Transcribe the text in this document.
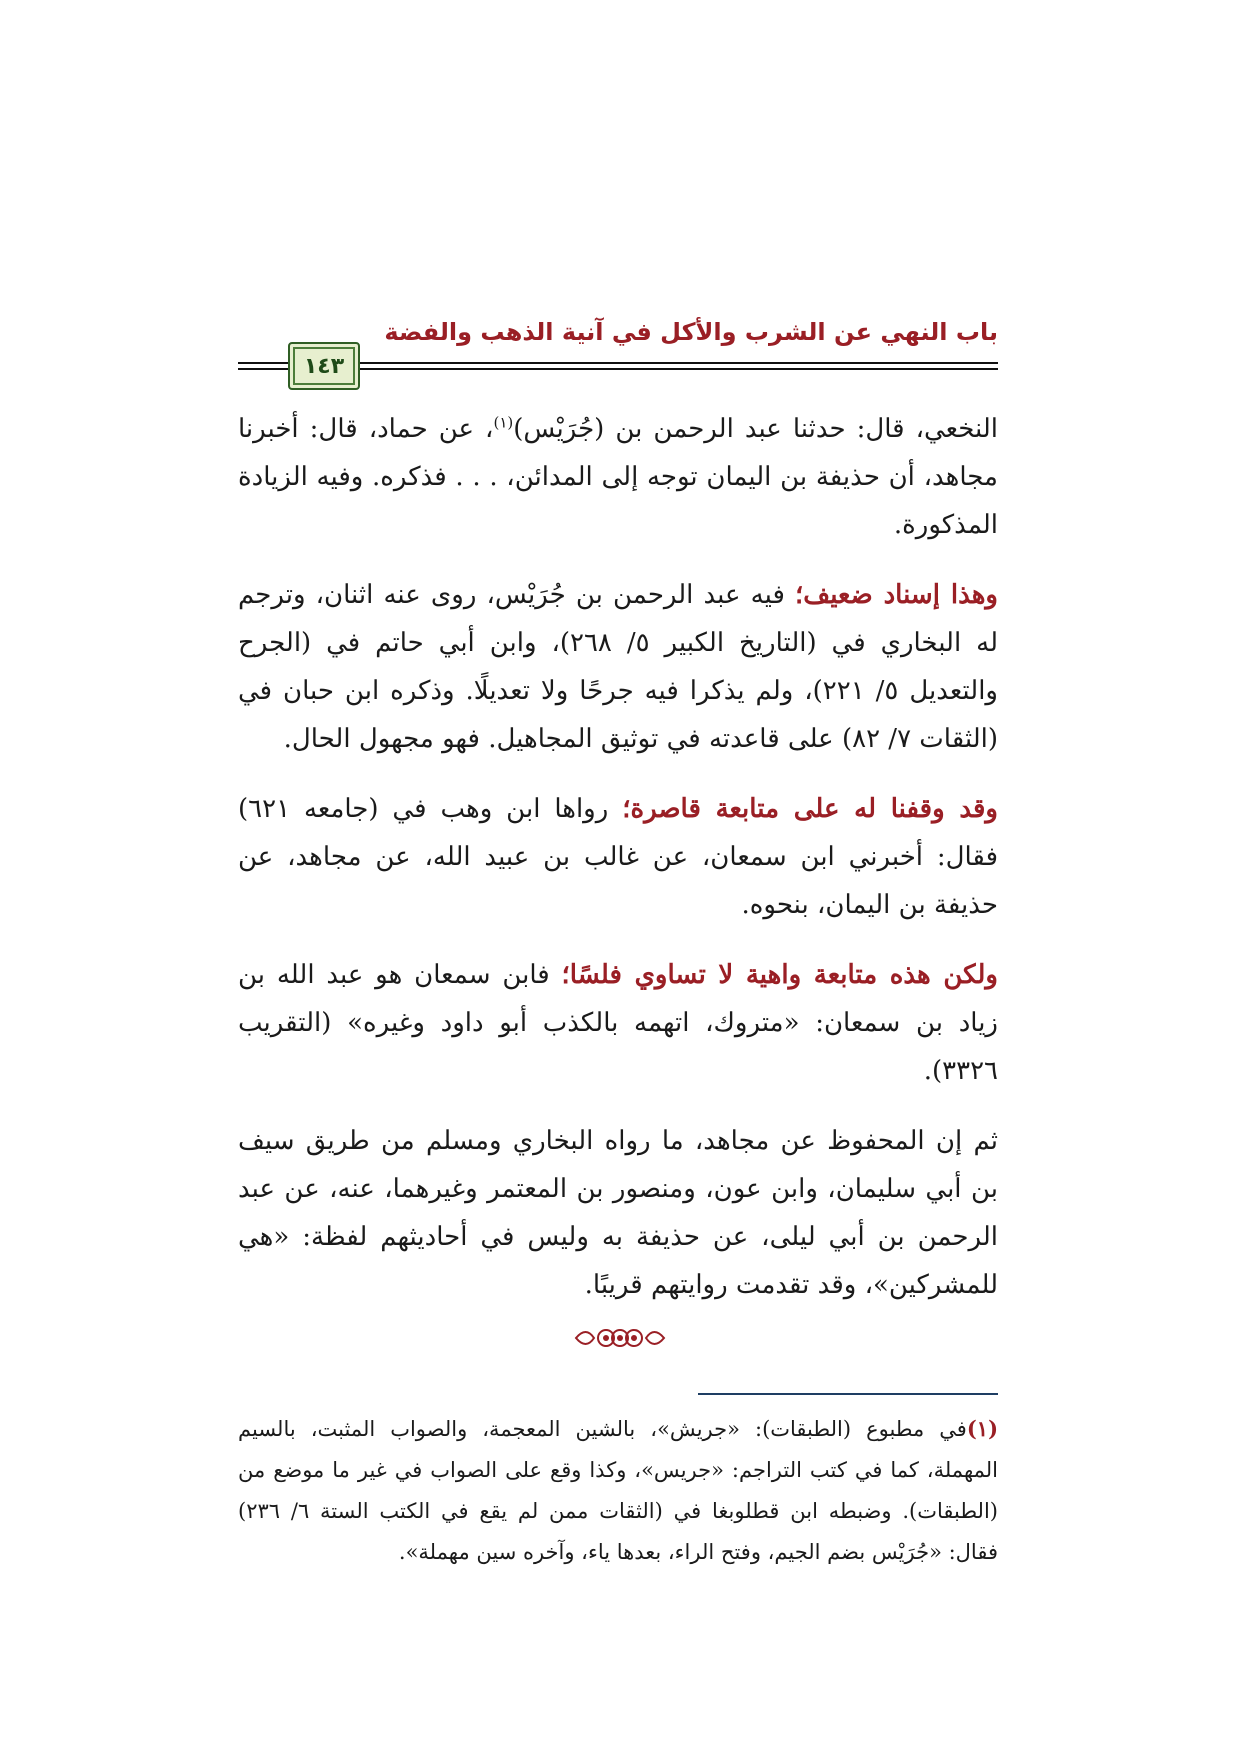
باب النهي عن الشرب والأكل في آنية الذهب والفضة
١٤٣

النخعي، قال: حدثنا عبد الرحمن بن (جُرَيْس)$^{(١)}$، عن حماد، قال: أخبرنا مجاهد، أن حذيفة بن اليمان توجه إلى المدائن، . . . فذكره. وفيه الزيادة المذكورة.

وهذا إسناد ضعيف؛ فيه عبد الرحمن بن جُرَيْس، روى عنه اثنان، وترجم له البخاري في (التاريخ الكبير ٥/ ٢٦٨)، وابن أبي حاتم في (الجرح والتعديل ٥/ ٢٢١)، ولم يذكرا فيه جرحًا ولا تعديلًا. وذكره ابن حبان في (الثقات ٧/ ٨٢) على قاعدته في توثيق المجاهيل. فهو مجهول الحال.

وقد وقفنا له على متابعة قاصرة؛ رواها ابن وهب في (جامعه ٦٢١) فقال: أخبرني ابن سمعان، عن غالب بن عبيد الله، عن مجاهد، عن حذيفة بن اليمان، بنحوه.

ولكن هذه متابعة واهية لا تساوي فلسًا؛ فابن سمعان هو عبد الله بن زياد بن سمعان: «متروك، اتهمه بالكذب أبو داود وغيره» (التقريب ٣٣٢٦).

ثم إن المحفوظ عن مجاهد، ما رواه البخاري ومسلم من طريق سيف بن أبي سليمان، وابن عون، ومنصور بن المعتمر وغيرهما، عنه، عن عبد الرحمن بن أبي ليلى، عن حذيفة به وليس في أحاديثهم لفظة: «هي للمشركين»، وقد تقدمت روايتهم قريبًا.

(١)في مطبوع (الطبقات): «جريش»، بالشين المعجمة، والصواب المثبت، بالسيم المهملة، كما في كتب التراجم: «جريس»، وكذا وقع على الصواب في غير ما موضع من (الطبقات). وضبطه ابن قطلوبغا في (الثقات ممن لم يقع في الكتب الستة ٦/ ٢٣٦) فقال: «جُرَيْس بضم الجيم، وفتح الراء، بعدها ياء، وآخره سين مهملة».
